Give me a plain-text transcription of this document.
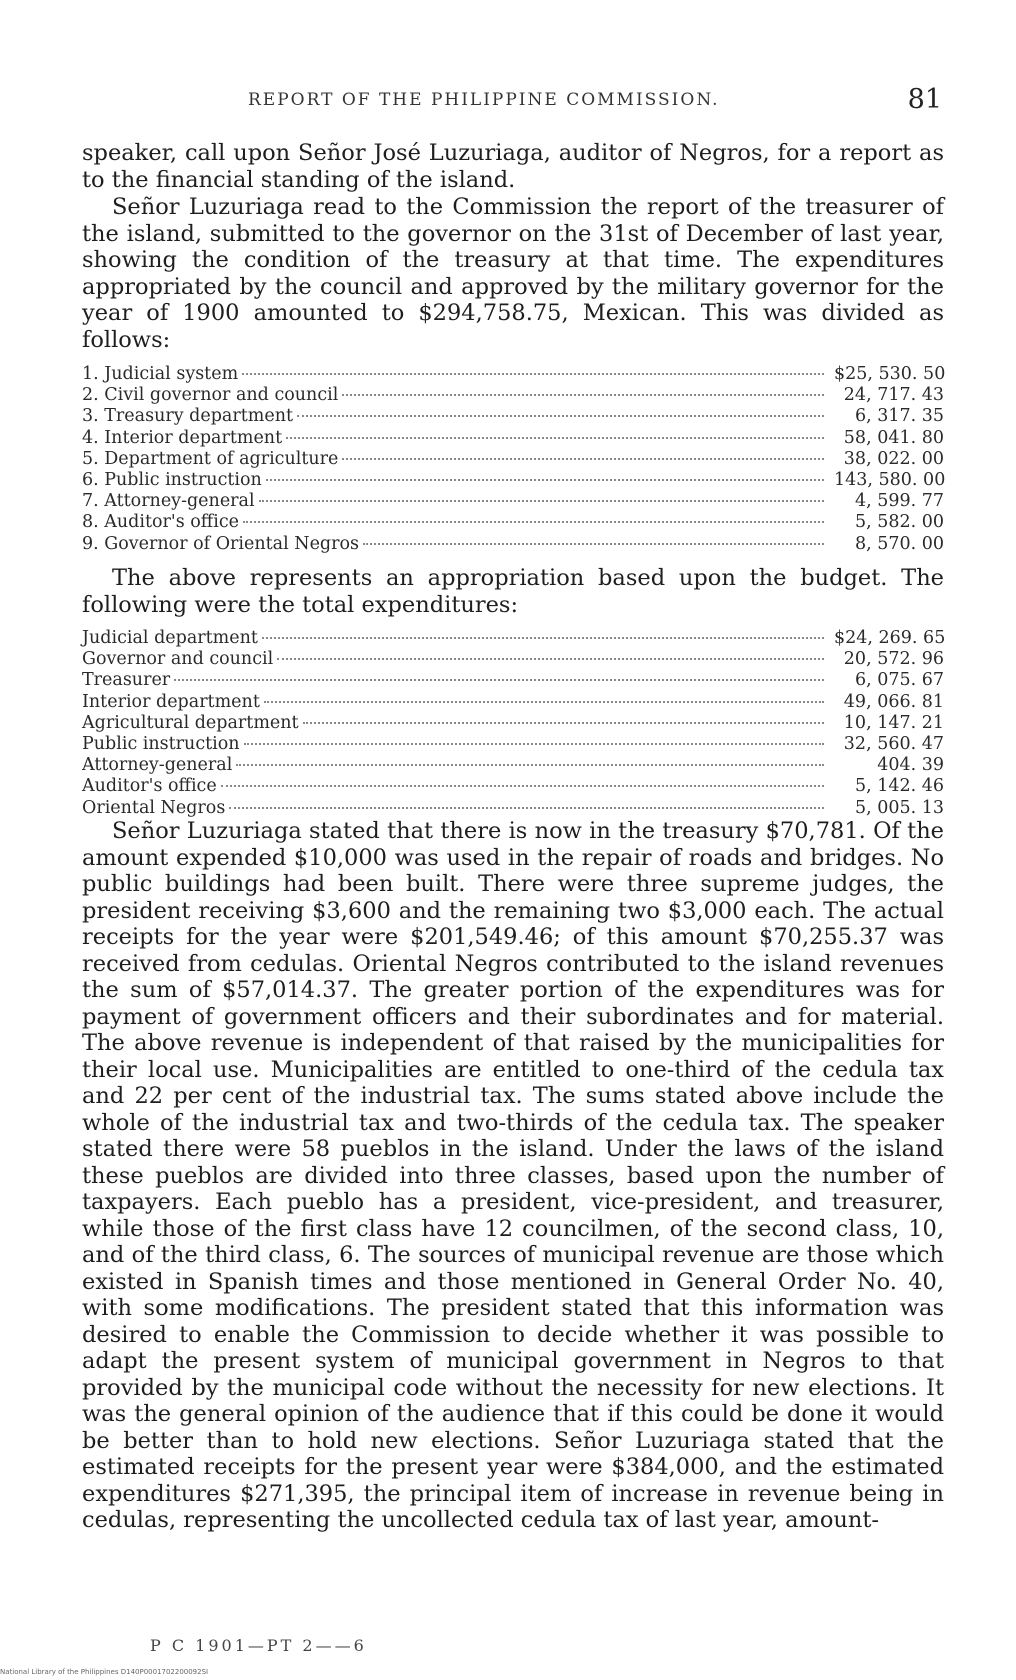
REPORT OF THE PHILIPPINE COMMISSION.	81

speaker, call upon Señor José Luzuriaga, auditor of Negros, for a report as to the financial standing of the island.

Señor Luzuriaga read to the Commission the report of the treasurer of the island, submitted to the governor on the 31st of December of last year, showing the condition of the treasury at that time. The expenditures appropriated by the council and approved by the military governor for the year of 1900 amounted to $294,758.75, Mexican. This was divided as follows:

1. Judicial system	$25, 530. 50
2. Civil governor and council	24, 717. 43
3. Treasury department	6, 317. 35
4. Interior department	58, 041. 80
5. Department of agriculture	38, 022. 00
6. Public instruction	143, 580. 00
7. Attorney-general	4, 599. 77
8. Auditor's office	5, 582. 00
9. Governor of Oriental Negros	8, 570. 00

The above represents an appropriation based upon the budget. The following were the total expenditures:

Judicial department	$24, 269. 65
Governor and council	20, 572. 96
Treasurer	6, 075. 67
Interior department	49, 066. 81
Agricultural department	10, 147. 21
Public instruction	32, 560. 47
Attorney-general	404. 39
Auditor's office	5, 142. 46
Oriental Negros	5, 005. 13

Señor Luzuriaga stated that there is now in the treasury $70,781. Of the amount expended $10,000 was used in the repair of roads and bridges. No public buildings had been built. There were three supreme judges, the president receiving $3,600 and the remaining two $3,000 each. The actual receipts for the year were $201,549.46; of this amount $70,255.37 was received from cedulas. Oriental Negros contributed to the island revenues the sum of $57,014.37. The greater portion of the expenditures was for payment of government officers and their subordinates and for material. The above revenue is independent of that raised by the municipalities for their local use. Municipalities are entitled to one-third of the cedula tax and 22 per cent of the industrial tax. The sums stated above include the whole of the industrial tax and two-thirds of the cedula tax. The speaker stated there were 58 pueblos in the island. Under the laws of the island these pueblos are divided into three classes, based upon the number of taxpayers. Each pueblo has a president, vice-president, and treasurer, while those of the first class have 12 councilmen, of the second class, 10, and of the third class, 6. The sources of municipal revenue are those which existed in Spanish times and those mentioned in General Order No. 40, with some modifications. The president stated that this information was desired to enable the Commission to decide whether it was possible to adapt the present system of municipal government in Negros to that provided by the municipal code without the necessity for new elections. It was the general opinion of the audience that if this could be done it would be better than to hold new elections. Señor Luzuriaga stated that the estimated receipts for the present year were $384,000, and the estimated expenditures $271,395, the principal item of increase in revenue being in cedulas, representing the uncollected cedula tax of last year, amount-

P C 1901—PT 2——6
National Library of the Philippines D140P0001702200092SI
